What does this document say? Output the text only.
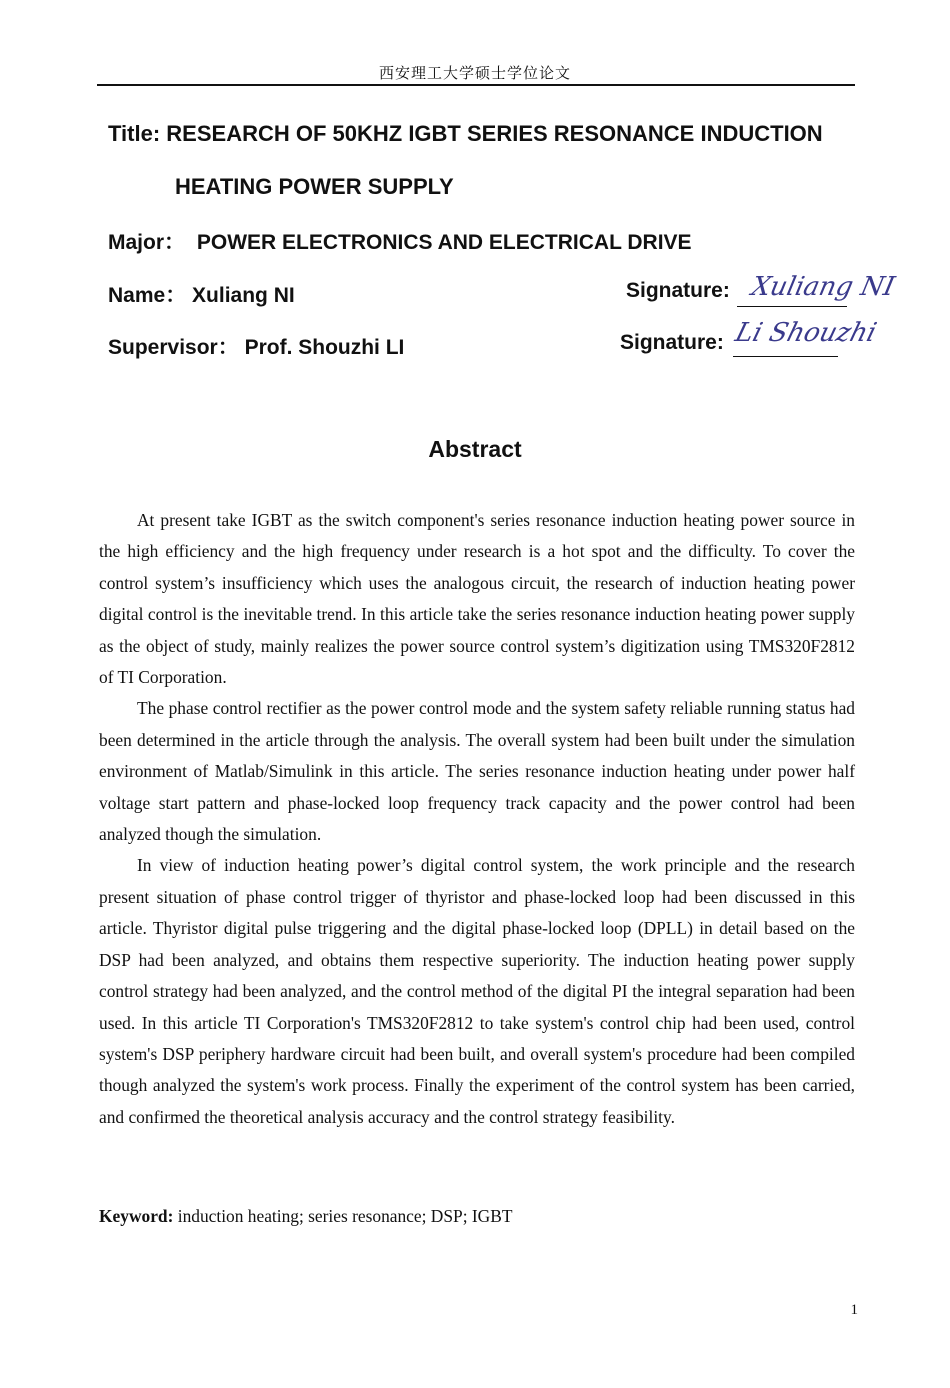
西安理工大学硕士学位论文
Title: RESEARCH OF 50KHZ IGBT SERIES RESONANCE INDUCTION
HEATING POWER SUPPLY
Major： POWER ELECTRONICS AND ELECTRICAL DRIVE
Name： Xuliang NI	Signature: Xuliang NI
Supervisor： Prof. Shouzhi LI	Signature: Li Shouzhi
Abstract

At present take IGBT as the switch component's series resonance induction heating power source in the high efficiency and the high frequency under research is a hot spot and the difficulty. To cover the control system’s insufficiency which uses the analogous circuit, the research of induction heating power digital control is the inevitable trend. In this article take the series resonance induction heating power supply as the object of study, mainly realizes the power source control system’s digitization using TMS320F2812 of TI Corporation.

The phase control rectifier as the power control mode and the system safety reliable running status had been determined in the article through the analysis. The overall system had been built under the simulation environment of Matlab/Simulink in this article. The series resonance induction heating under power half voltage start pattern and phase-locked loop frequency track capacity and the power control had been analyzed though the simulation.

In view of induction heating power’s digital control system, the work principle and the research present situation of phase control trigger of thyristor and phase-locked loop had been discussed in this article. Thyristor digital pulse triggering and the digital phase-locked loop (DPLL) in detail based on the DSP had been analyzed, and obtains them respective superiority. The induction heating power supply control strategy had been analyzed, and the control method of the digital PI the integral separation had been used. In this article TI Corporation's TMS320F2812 to take system's control chip had been used, control system's DSP periphery hardware circuit had been built, and overall system's procedure had been compiled though analyzed the system's work process. Finally the experiment of the control system has been carried, and confirmed the theoretical analysis accuracy and the control strategy feasibility.

Keyword: induction heating; series resonance; DSP; IGBT
1
